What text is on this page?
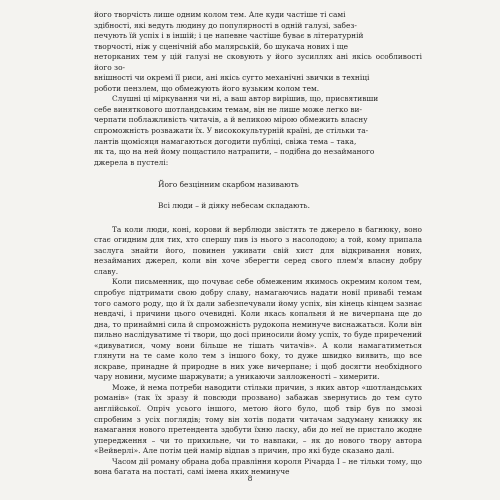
його творчість лише одним колом тем. Але куди частіше ті самі
здібності, які ведуть людину до популярності в одній галузі, забез-
печують їй успіх і в іншій; і це напевне частіше буває в літературній
творчості, ніж у сценічній або малярській, бо шукача нових і ще
неторканих тем у цій галузі не сковують у його зусиллях ані якісь особливості його зо-
внішності чи окремі її риси, ані якісь сугто механічні звички в техніці
роботи пензлем, що обмежують його вузьким колом тем.

Слушні ці міркування чи ні, а ваш автор вирішив, що, присвятивши
себе виняткового шотландським темам, він не лише може легко ви-
черпати поблажливість читачів, а й великою мірою обмежить власну
спроможність розважати їх. У висококультурній країні, де стільки та-
лантів щомісяця намагаються догодити публіці, свіжа тема – така,
як та, що на ней йому пощастило натрапити, – подібна до незайманого
джерела в пустелі:

Його безцінним скарбом називають

Всі люди – й діяку небесам складають.

Та коли люди, коні, корови й верблюди звістять те джерело в багнюку, воно стає огидним для тих, хто спершу пив із нього з насолодою; а той, кому припала заслуга знайти його, повинен уживати свій хист для відкривання нових, незайманих джерел, коли він хоче зберегти серед свого плем'я власну добру славу.

Коли письменник, що почуває себе обмеженим якимось окремим колом тем, спробує підтримати свою добру славу, намагаючись надати новії привабі темам того самого роду, що й їх дали забезпечували йому успіх, він кінець кінцем зазнає невдачі, і причини цього очевидні. Коли якась копальня й не вичерпана ще до дна, то принаймні сила й спроможність рудокопа неминуче виснажаться. Коли він пильно наслідуватиме ті твори, що досі приносили йому успіх, то буде приречений «дивуватися, чому вони більше не тішать читачів». А коли намагатиметься глянути на те саме коло тем з іншого боку, то дуже швидко виявить, що все яскраве, принадне й природне в них уже вичерпане; і щоб досягти необхідного чару новини, мусиме шаржувати; а уникаючи заяложеності – химерити.

Може, й нема потреби наводити стільки причин, з яких автор «шотландських романів» (так їх зразу й повсюди прозвано) забажав звернутись до тем суто англійської. Опріч усього іншого, метою його було, щоб твір був по змозі спробним з усіх поглядів; тому він хотів подати читачам задуману книжку як намагання нового претендента здобути їхню ласку, аби до неї не пристало жодне упередження – чи то прихильне, чи то навпаки, – як до нового твору автора «Вейверлі». Але потім цей намір відпав з причин, про які буде сказано далі.

Часом дії роману обрана доба правління короля Річарда І – не тільки тому, що вона багата на постаті, самі імена яких неминуче

8
